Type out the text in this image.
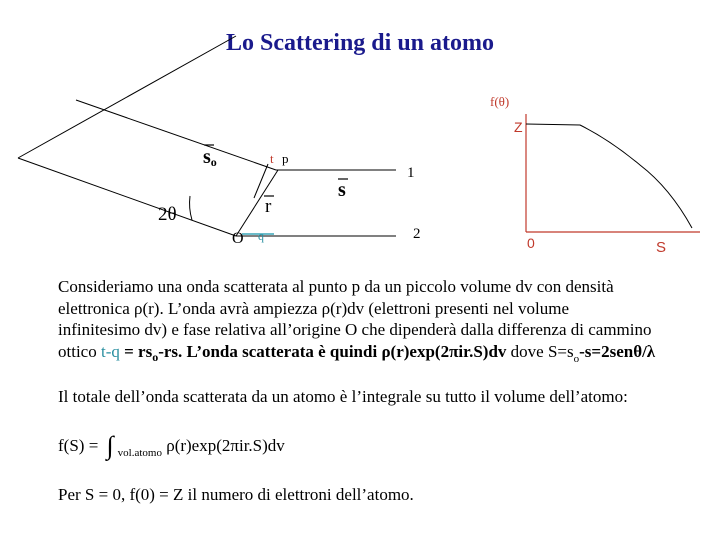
Lo Scattering di un atomo
so
2θ
O q
t p
r
s
1
2
f(θ)
Z
0	S
Consideriamo una onda scatterata al punto p da un piccolo volume dv con densità
elettronica ρ(r). L’onda avrà ampiezza ρ(r)dv (elettroni presenti nel volume
infinitesimo dv) e fase relativa all’origine O che dipenderà dalla differenza di cammino
ottico $t-q = rs_o-rs$. L’onda scatterata è quindi ρ(r)exp(2πir.S)dv dove $S=s_o-s=2sen\theta/\lambda$
Il totale dell’onda scatterata da un atomo è l’integrale su tutto il volume dell’atomo:
f(S) = ∫ $_{vol.atomo}$ ρ(r)exp(2πir.S)dv
Per S = 0, f(0) = Z il numero di elettroni dell’atomo.
